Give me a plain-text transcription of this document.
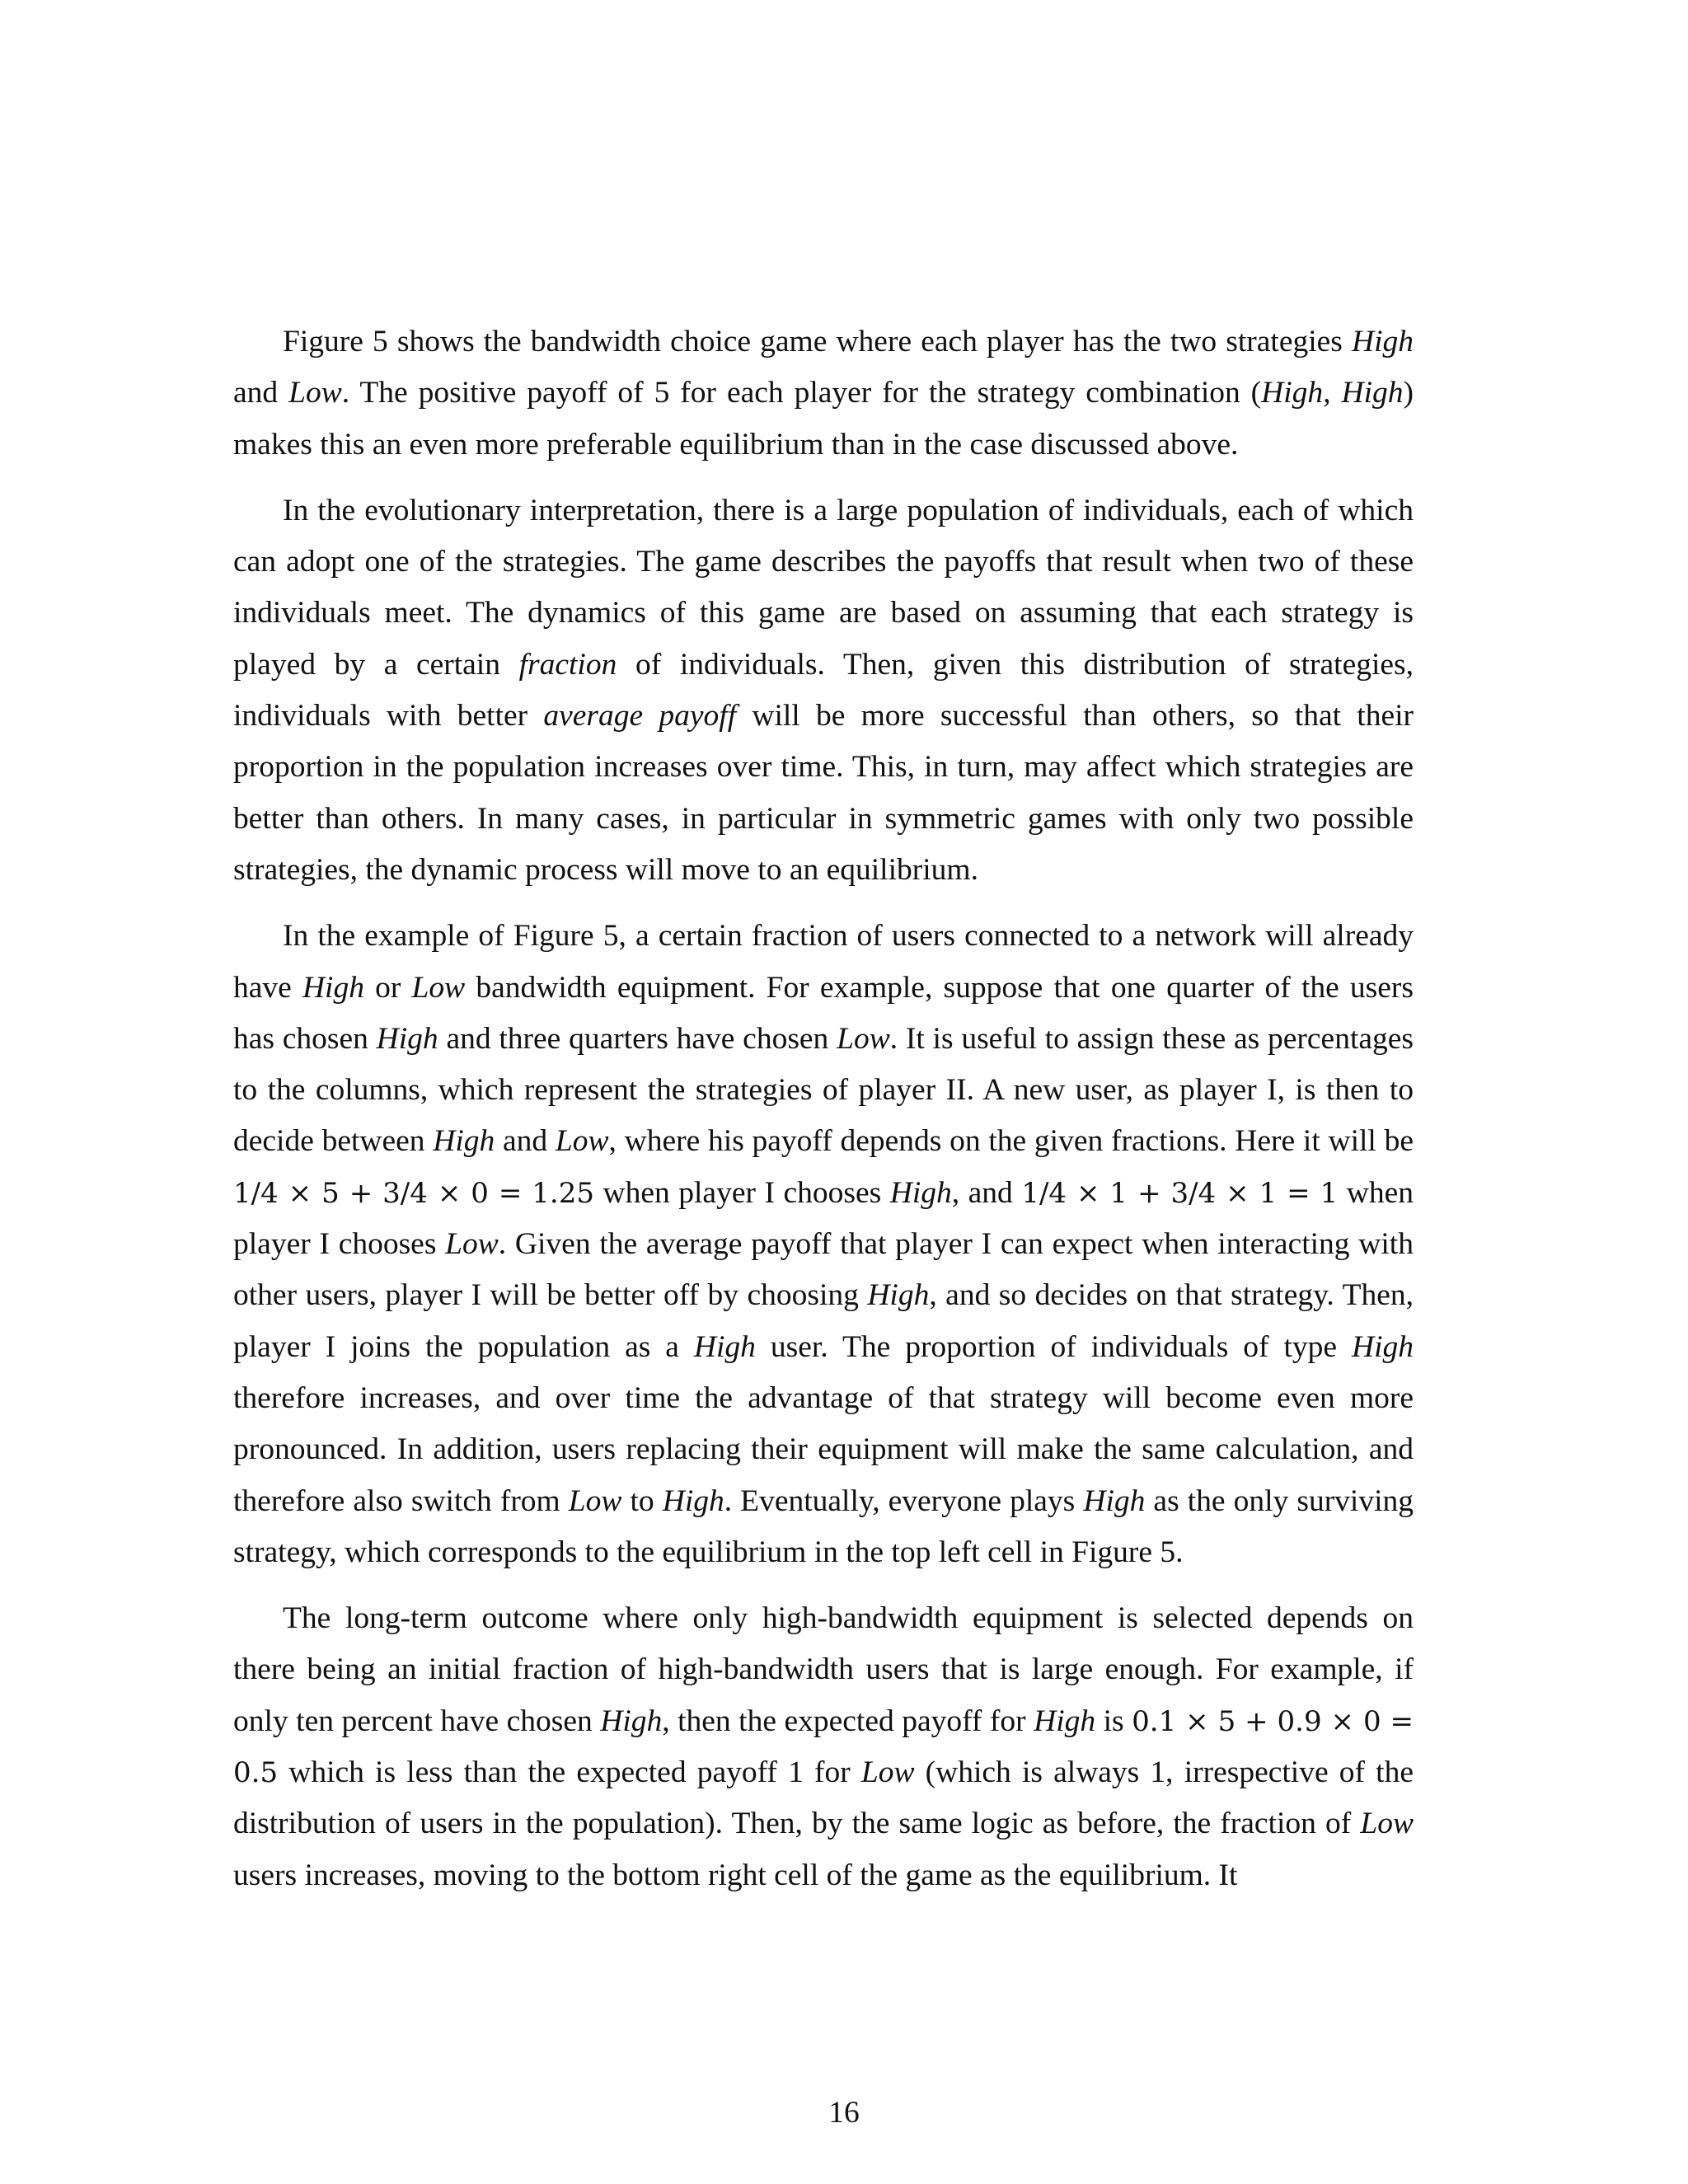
Figure 5 shows the bandwidth choice game where each player has the two strategies High and Low. The positive payoff of 5 for each player for the strategy combination (High, High) makes this an even more preferable equilibrium than in the case discussed above.

In the evolutionary interpretation, there is a large population of individuals, each of which can adopt one of the strategies. The game describes the payoffs that result when two of these individuals meet. The dynamics of this game are based on assuming that each strategy is played by a certain fraction of individuals. Then, given this distribution of strategies, individuals with better average payoff will be more successful than others, so that their proportion in the population increases over time. This, in turn, may affect which strategies are better than others. In many cases, in particular in symmetric games with only two possible strategies, the dynamic process will move to an equilibrium.

In the example of Figure 5, a certain fraction of users connected to a network will already have High or Low bandwidth equipment. For example, suppose that one quarter of the users has chosen High and three quarters have chosen Low. It is useful to assign these as percentages to the columns, which represent the strategies of player II. A new user, as player I, is then to decide between High and Low, where his payoff depends on the given fractions. Here it will be 1/4 × 5 + 3/4 × 0 = 1.25 when player I chooses High, and 1/4 × 1 + 3/4 × 1 = 1 when player I chooses Low. Given the average payoff that player I can expect when interacting with other users, player I will be better off by choosing High, and so decides on that strategy. Then, player I joins the population as a High user. The proportion of individuals of type High therefore increases, and over time the advantage of that strategy will become even more pronounced. In addition, users replacing their equipment will make the same calculation, and therefore also switch from Low to High. Eventually, everyone plays High as the only surviving strategy, which corresponds to the equilibrium in the top left cell in Figure 5.

The long-term outcome where only high-bandwidth equipment is selected depends on there being an initial fraction of high-bandwidth users that is large enough. For example, if only ten percent have chosen High, then the expected payoff for High is 0.1 × 5 + 0.9 × 0 = 0.5 which is less than the expected payoff 1 for Low (which is always 1, irrespective of the distribution of users in the population). Then, by the same logic as before, the fraction of Low users increases, moving to the bottom right cell of the game as the equilibrium. It

16
